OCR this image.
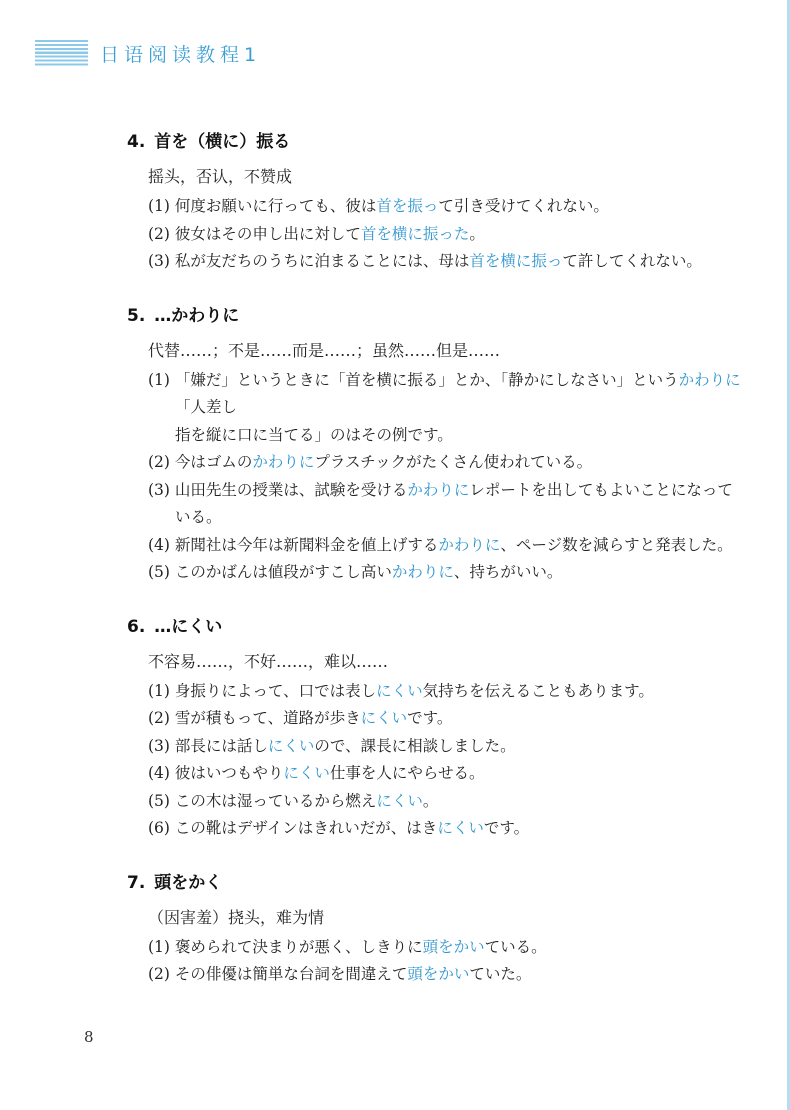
日语阅读教程1
4. 首を（横に）振る

摇头，否认，不赞成

(1) 何度お願いに行っても、彼は首を振って引き受けてくれない。

(2) 彼女はその申し出に対して首を横に振った。

(3) 私が友だちのうちに泊まることには、母は首を横に振って許してくれない。

5. …かわりに

代替……；不是……而是……；虽然……但是……

(1) 「嫌だ」というときに「首を横に振る」とか、「静かにしなさい」というかわりに「人差し
指を縦に口に当てる」のはその例です。

(2) 今はゴムのかわりにプラスチックがたくさん使われている。

(3) 山田先生の授業は、試験を受けるかわりにレポートを出してもよいことになっている。

(4) 新聞社は今年は新聞料金を値上げするかわりに、ページ数を減らすと発表した。

(5) このかばんは値段がすこし高いかわりに、持ちがいい。

6. …にくい

不容易……，不好……，难以……

(1) 身振りによって、口では表しにくい気持ちを伝えることもあります。

(2) 雪が積もって、道路が歩きにくいです。

(3) 部長には話しにくいので、課長に相談しました。

(4) 彼はいつもやりにくい仕事を人にやらせる。

(5) この木は湿っているから燃えにくい。

(6) この靴はデザインはきれいだが、はきにくいです。

7. 頭をかく

（因害羞）挠头，难为情

(1) 褒められて決まりが悪く、しきりに頭をかいている。

(2) その俳優は簡単な台詞を間違えて頭をかいていた。

8
